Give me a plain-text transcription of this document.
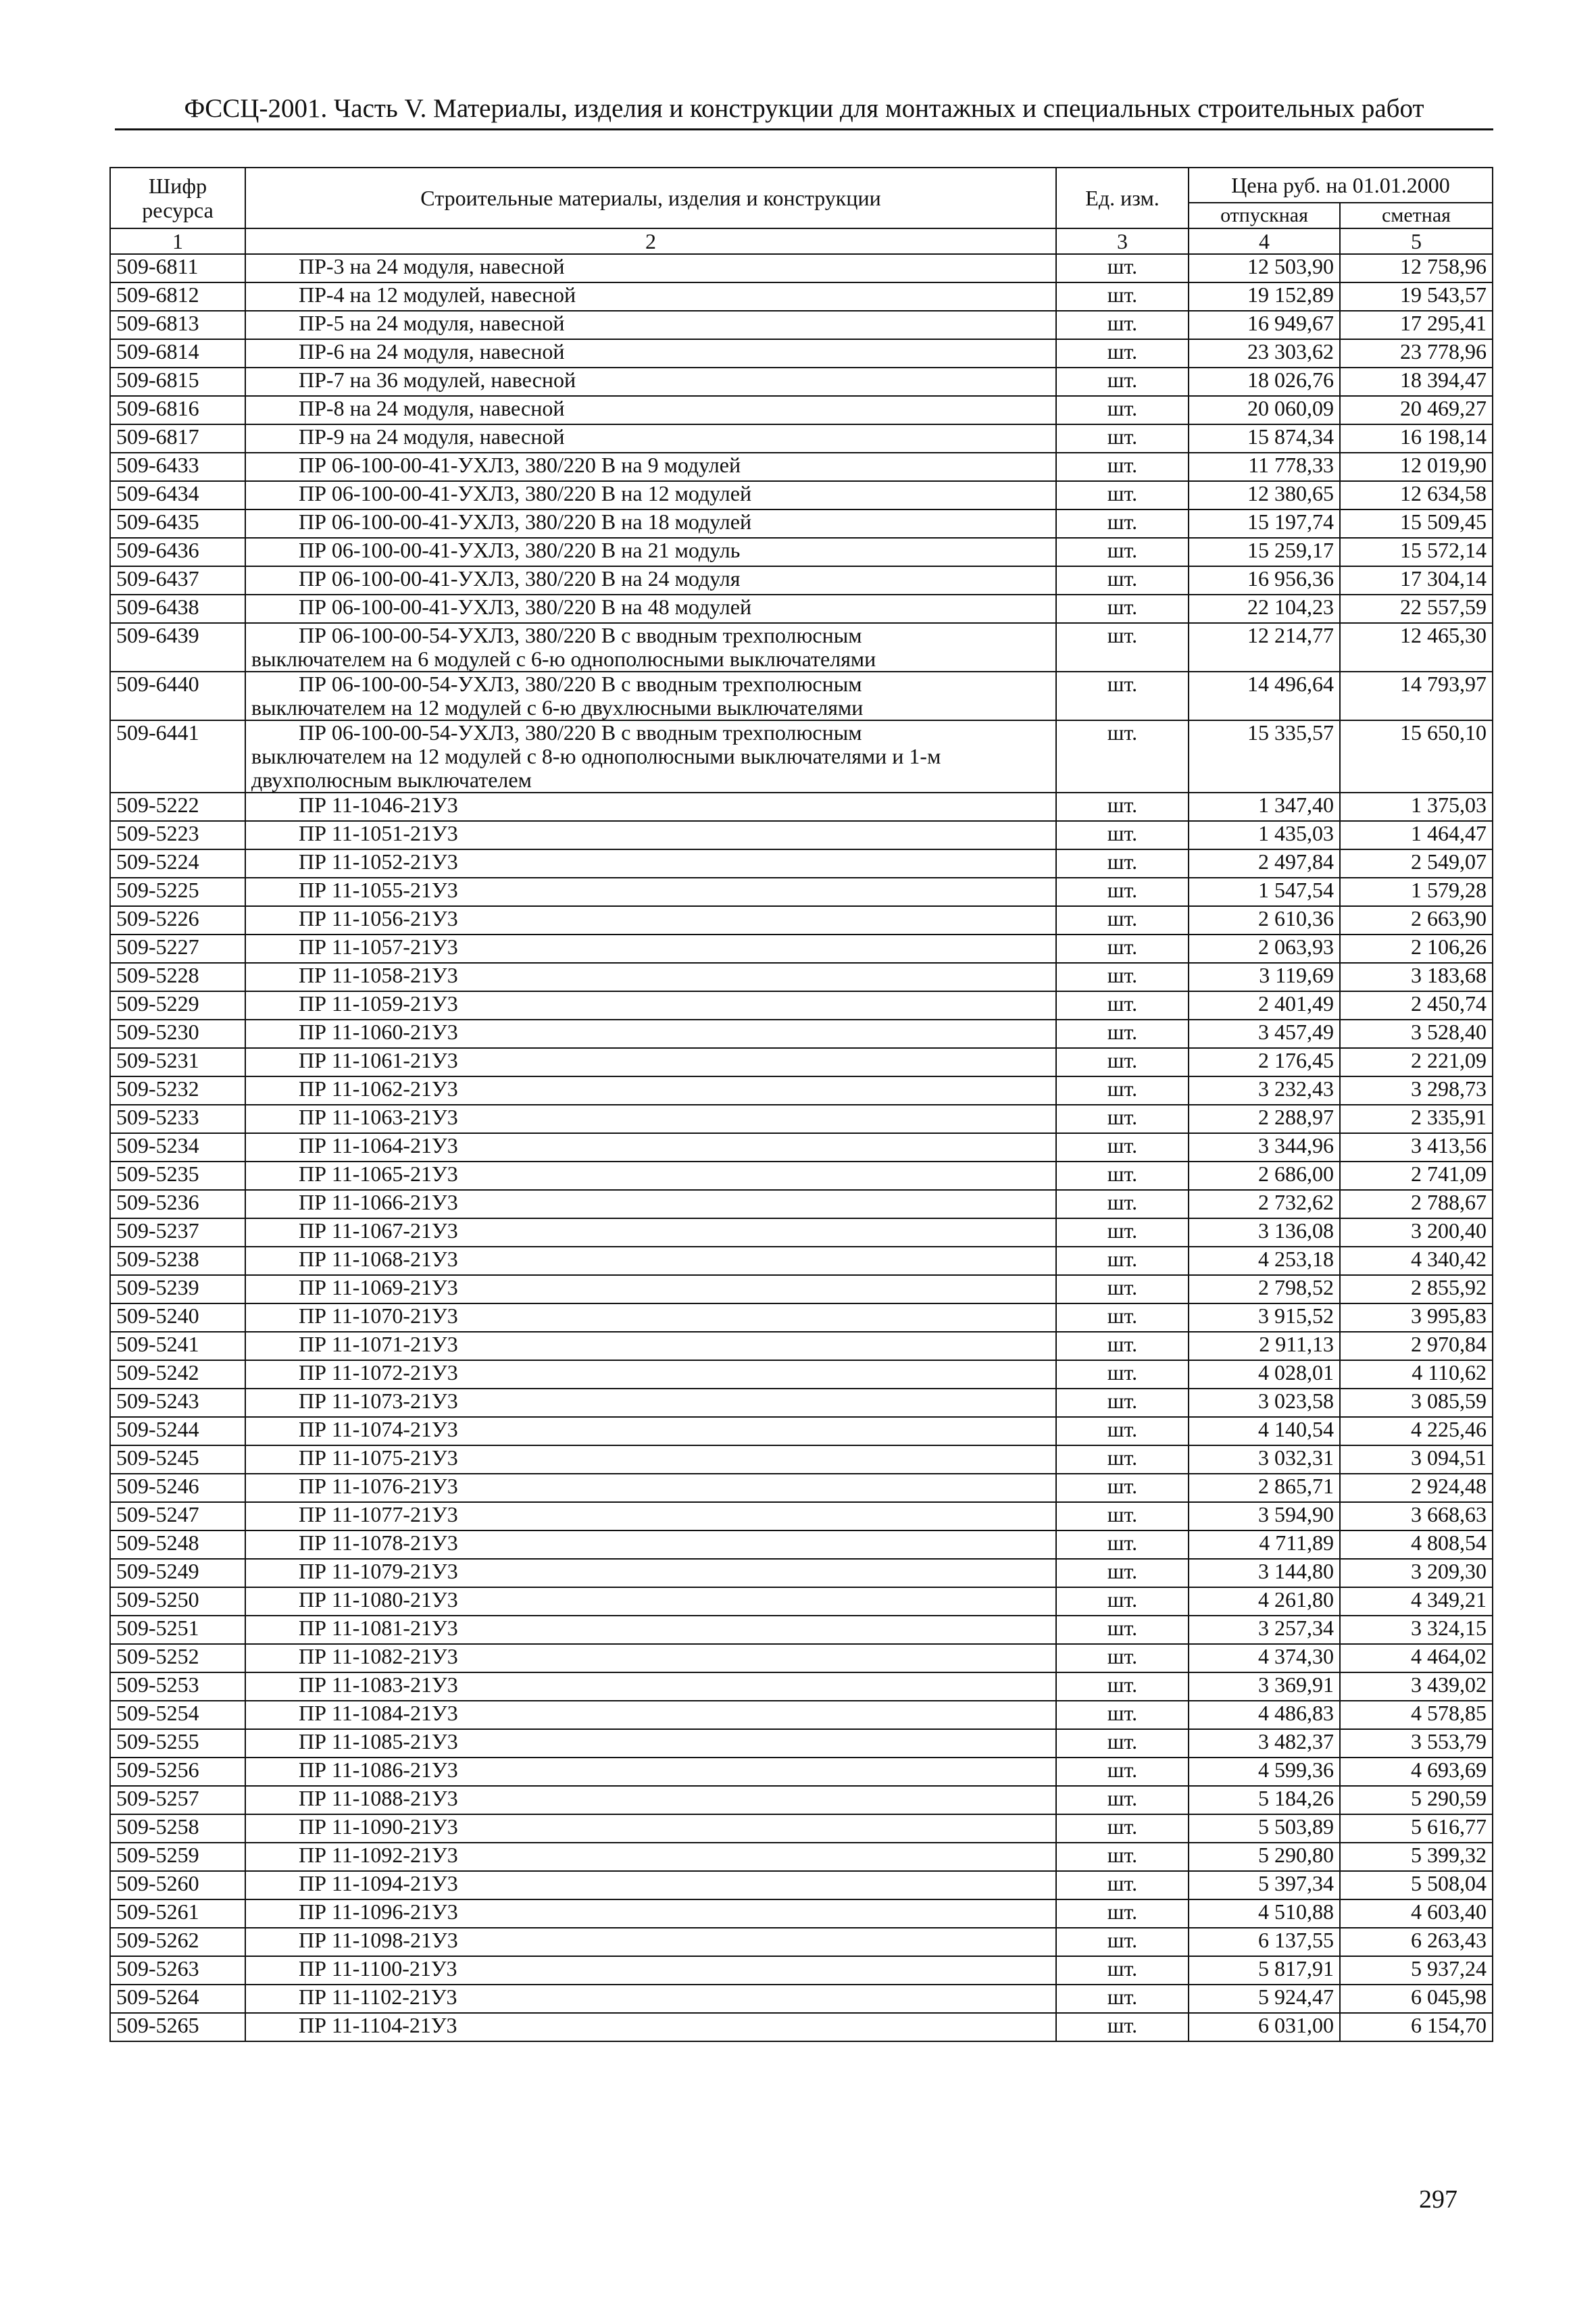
ФССЦ-2001. Часть V. Материалы, изделия и конструкции для монтажных и специальных строительных работ
Шифр ресурса	Строительные материалы, изделия и конструкции	Ед. изм.	Цена руб. на 01.01.2000	
			отпускная	сметная
1	2	3	4	5
509-6811	ПР-3 на 24 модуля, навесной	шт.	12 503,90	12 758,96
509-6812	ПР-4 на 12 модулей, навесной	шт.	19 152,89	19 543,57
509-6813	ПР-5 на 24 модуля, навесной	шт.	16 949,67	17 295,41
509-6814	ПР-6 на 24 модуля, навесной	шт.	23 303,62	23 778,96
509-6815	ПР-7 на 36 модулей, навесной	шт.	18 026,76	18 394,47
509-6816	ПР-8 на 24 модуля, навесной	шт.	20 060,09	20 469,27
509-6817	ПР-9 на 24 модуля, навесной	шт.	15 874,34	16 198,14
509-6433	ПР 06-100-00-41-УХЛ3, 380/220 В на 9 модулей	шт.	11 778,33	12 019,90
509-6434	ПР 06-100-00-41-УХЛ3, 380/220 В на 12 модулей	шт.	12 380,65	12 634,58
509-6435	ПР 06-100-00-41-УХЛ3, 380/220 В на 18 модулей	шт.	15 197,74	15 509,45
509-6436	ПР 06-100-00-41-УХЛ3, 380/220 В на 21 модуль	шт.	15 259,17	15 572,14
509-6437	ПР 06-100-00-41-УХЛ3, 380/220 В на 24 модуля	шт.	16 956,36	17 304,14
509-6438	ПР 06-100-00-41-УХЛ3, 380/220 В на 48 модулей	шт.	22 104,23	22 557,59
509-6439	ПР 06-100-00-54-УХЛ3, 380/220 В с вводным трехполюсным
выключателем на 6 модулей с 6-ю однополюсными выключателями	шт.	12 214,77	12 465,30
509-6440	ПР 06-100-00-54-УХЛ3, 380/220 В с вводным трехполюсным
выключателем на 12 модулей с 6-ю двухлюсными выключателями	шт.	14 496,64	14 793,97
509-6441	ПР 06-100-00-54-УХЛ3, 380/220 В с вводным трехполюсным
выключателем на 12 модулей с 8-ю однополюсными выключателями и 1-м двухполюсным выключателем	шт.	15 335,57	15 650,10
509-5222	ПР 11-1046-21У3	шт.	1 347,40	1 375,03
509-5223	ПР 11-1051-21У3	шт.	1 435,03	1 464,47
509-5224	ПР 11-1052-21У3	шт.	2 497,84	2 549,07
509-5225	ПР 11-1055-21У3	шт.	1 547,54	1 579,28
509-5226	ПР 11-1056-21У3	шт.	2 610,36	2 663,90
509-5227	ПР 11-1057-21У3	шт.	2 063,93	2 106,26
509-5228	ПР 11-1058-21У3	шт.	3 119,69	3 183,68
509-5229	ПР 11-1059-21У3	шт.	2 401,49	2 450,74
509-5230	ПР 11-1060-21У3	шт.	3 457,49	3 528,40
509-5231	ПР 11-1061-21У3	шт.	2 176,45	2 221,09
509-5232	ПР 11-1062-21У3	шт.	3 232,43	3 298,73
509-5233	ПР 11-1063-21У3	шт.	2 288,97	2 335,91
509-5234	ПР 11-1064-21У3	шт.	3 344,96	3 413,56
509-5235	ПР 11-1065-21У3	шт.	2 686,00	2 741,09
509-5236	ПР 11-1066-21У3	шт.	2 732,62	2 788,67
509-5237	ПР 11-1067-21У3	шт.	3 136,08	3 200,40
509-5238	ПР 11-1068-21У3	шт.	4 253,18	4 340,42
509-5239	ПР 11-1069-21У3	шт.	2 798,52	2 855,92
509-5240	ПР 11-1070-21У3	шт.	3 915,52	3 995,83
509-5241	ПР 11-1071-21У3	шт.	2 911,13	2 970,84
509-5242	ПР 11-1072-21У3	шт.	4 028,01	4 110,62
509-5243	ПР 11-1073-21У3	шт.	3 023,58	3 085,59
509-5244	ПР 11-1074-21У3	шт.	4 140,54	4 225,46
509-5245	ПР 11-1075-21У3	шт.	3 032,31	3 094,51
509-5246	ПР 11-1076-21У3	шт.	2 865,71	2 924,48
509-5247	ПР 11-1077-21У3	шт.	3 594,90	3 668,63
509-5248	ПР 11-1078-21У3	шт.	4 711,89	4 808,54
509-5249	ПР 11-1079-21У3	шт.	3 144,80	3 209,30
509-5250	ПР 11-1080-21У3	шт.	4 261,80	4 349,21
509-5251	ПР 11-1081-21У3	шт.	3 257,34	3 324,15
509-5252	ПР 11-1082-21У3	шт.	4 374,30	4 464,02
509-5253	ПР 11-1083-21У3	шт.	3 369,91	3 439,02
509-5254	ПР 11-1084-21У3	шт.	4 486,83	4 578,85
509-5255	ПР 11-1085-21У3	шт.	3 482,37	3 553,79
509-5256	ПР 11-1086-21У3	шт.	4 599,36	4 693,69
509-5257	ПР 11-1088-21У3	шт.	5 184,26	5 290,59
509-5258	ПР 11-1090-21У3	шт.	5 503,89	5 616,77
509-5259	ПР 11-1092-21У3	шт.	5 290,80	5 399,32
509-5260	ПР 11-1094-21У3	шт.	5 397,34	5 508,04
509-5261	ПР 11-1096-21У3	шт.	4 510,88	4 603,40
509-5262	ПР 11-1098-21У3	шт.	6 137,55	6 263,43
509-5263	ПР 11-1100-21У3	шт.	5 817,91	5 937,24
509-5264	ПР 11-1102-21У3	шт.	5 924,47	6 045,98
509-5265	ПР 11-1104-21У3	шт.	6 031,00	6 154,70
297
